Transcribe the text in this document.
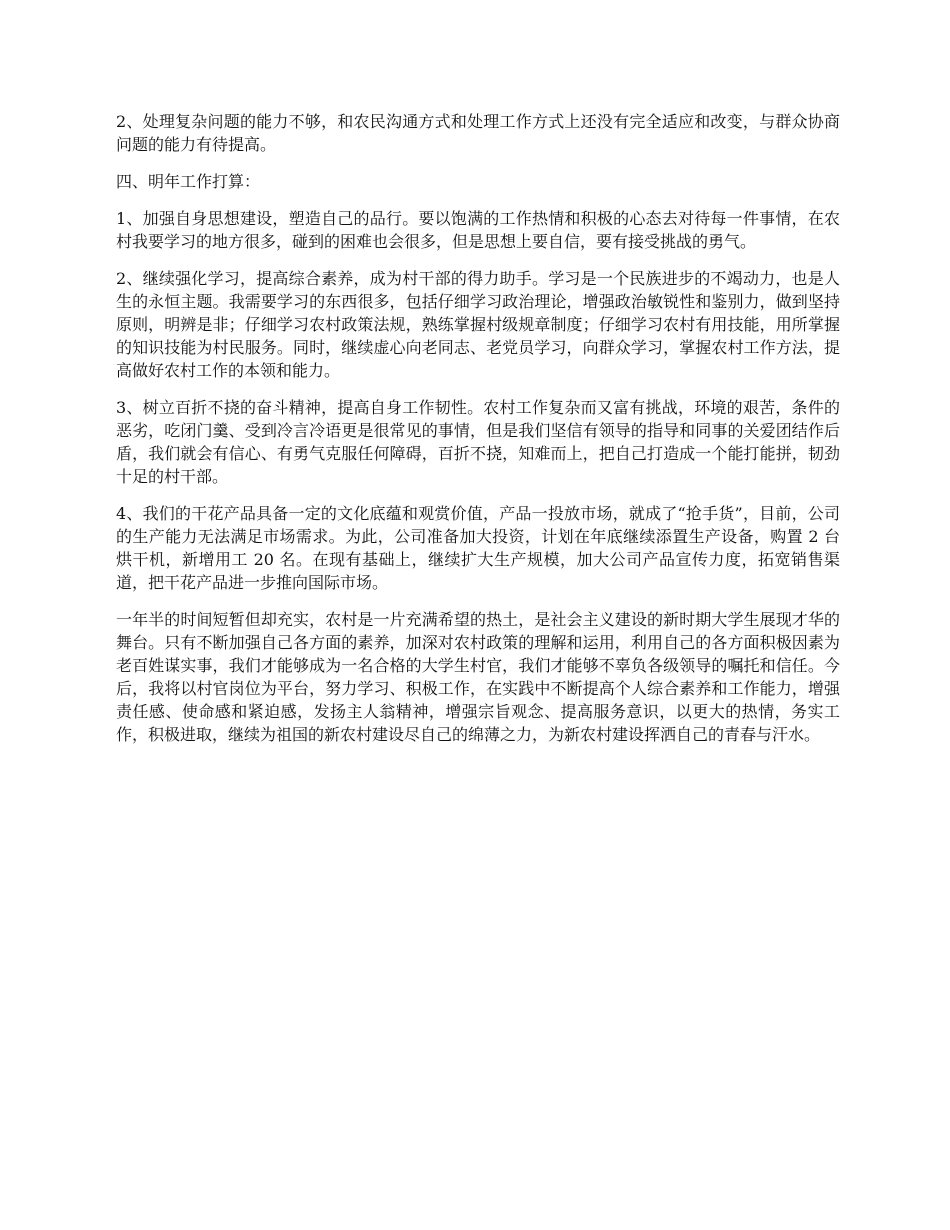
2、处理复杂问题的能力不够，和农民沟通方式和处理工作方式上还没有完全适应和改变，与群众协商问题的能力有待提高。

四、明年工作打算：

1、加强自身思想建设，塑造自己的品行。要以饱满的工作热情和积极的心态去对待每一件事情，在农村我要学习的地方很多，碰到的困难也会很多，但是思想上要自信，要有接受挑战的勇气。

2、继续强化学习，提高综合素养，成为村干部的得力助手。学习是一个民族进步的不竭动力，也是人生的永恒主题。我需要学习的东西很多，包括仔细学习政治理论，增强政治敏锐性和鉴别力，做到坚持原则，明辨是非；仔细学习农村政策法规，熟练掌握村级规章制度；仔细学习农村有用技能，用所掌握的知识技能为村民服务。同时，继续虚心向老同志、老党员学习，向群众学习，掌握农村工作方法，提高做好农村工作的本领和能力。

3、树立百折不挠的奋斗精神，提高自身工作韧性。农村工作复杂而又富有挑战，环境的艰苦，条件的恶劣，吃闭门羹、受到冷言冷语更是很常见的事情，但是我们坚信有领导的指导和同事的关爱团结作后盾，我们就会有信心、有勇气克服任何障碍，百折不挠，知难而上，把自己打造成一个能打能拼，韧劲十足的村干部。

4、我们的干花产品具备一定的文化底蕴和观赏价值，产品一投放市场，就成了“抢手货”，目前，公司的生产能力无法满足市场需求。为此，公司准备加大投资，计划在年底继续添置生产设备，购置 2 台烘干机，新增用工 20 名。在现有基础上，继续扩大生产规模，加大公司产品宣传力度，拓宽销售渠道，把干花产品进一步推向国际市场。

一年半的时间短暂但却充实，农村是一片充满希望的热土，是社会主义建设的新时期大学生展现才华的舞台。只有不断加强自己各方面的素养，加深对农村政策的理解和运用，利用自己的各方面积极因素为老百姓谋实事，我们才能够成为一名合格的大学生村官，我们才能够不辜负各级领导的嘱托和信任。今后，我将以村官岗位为平台，努力学习、积极工作，在实践中不断提高个人综合素养和工作能力，增强责任感、使命感和紧迫感，发扬主人翁精神，增强宗旨观念、提高服务意识，以更大的热情，务实工作，积极进取，继续为祖国的新农村建设尽自己的绵薄之力，为新农村建设挥洒自己的青春与汗水。
